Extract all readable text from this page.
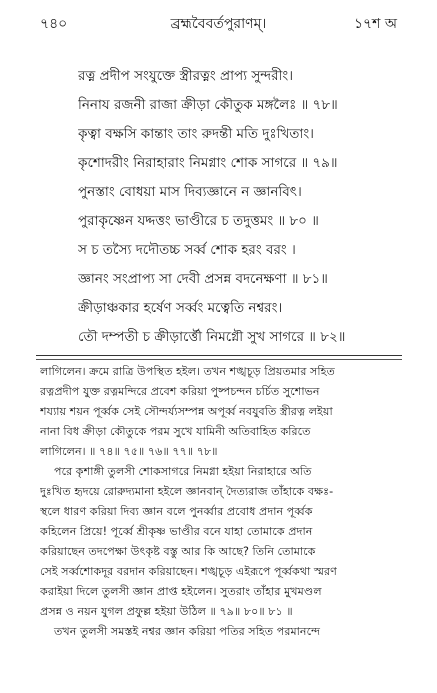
৭৪০	ব্রহ্মবৈবর্তপুরাণম্।	১৭শ অ
রত্ন প্রদীপ সংযুক্তে স্ত্রীরত্নং প্রাপ্য সুন্দরীং।
নিনায রজনী রাজা ক্রীড়া কৌতুক মঙ্গলৈঃ ॥ ৭৮॥
কৃত্বা বক্ষসি কান্তাং তাং রুদন্তী মতি দুঃখিতাং।
কৃশোদরীং নিরাহারাং নিমগ্নাং শোক সাগরে ॥ ৭৯॥
পুনস্তাং বোধয়া মাস দিব্যজ্ঞানে ন জ্ঞানবিৎ।
পুরাকৃষ্ণেন যদ্দত্তং ভাণ্ডীরে চ তদুত্তমং ॥ ৮০ ॥
স চ তস্যৈ দদৌতচ্চ সর্ব্ব শোক হরং বরং ।
জ্ঞানং সংপ্রাপ্য সা দেবী প্রসন্ন বদনেক্ষণা ॥ ৮১॥
ক্রীড়াঞ্চকার হর্ষেণ সর্ব্বং মত্বেতি নশ্বরং।
তৌ দম্পতী চ ক্রীড়ার্ত্তৌ নিমগ্নৌ সুখ সাগরে ॥ ৮২॥
লাগিলেন। ক্রমে রাত্রি উপস্থিত হইল। তখন শঙ্খচূড় প্রিয়তমার সহিত
রত্নপ্রদীপ যুক্ত রত্নমন্দিরে প্রবেশ করিয়া পুষ্পচন্দন চর্চিত সুশোভন
শয্যায় শয়ন পূর্ব্বক সেই সৌন্দর্য্যসম্পন্ন অপূর্ব্ব নবযুবতি স্ত্রীরত্ন লইয়া
নানা বিধ ক্রীড়া কৌতুকে পরম সুখে যামিনী অতিবাহিত করিতে
লাগিলেন। ॥ ৭৪॥ ৭৫॥ ৭৬॥ ৭৭॥ ৭৮॥
পরে কৃশাঙ্গী তুলসী শোকসাগরে নিমগ্না হইয়া নিরাহারে অতি
দুঃখিত হৃদয়ে রোরুদ্যমানা হইলে জ্ঞানবান্ দৈত্যরাজ তাঁহাকে বক্ষঃ-
স্থলে ধারণ করিয়া দিব্য জ্ঞান বলে পুনর্ব্বার প্রবোধ প্রদান পূর্ব্বক
কহিলেন প্রিয়ে! পূর্ব্বে শ্রীকৃষ্ণ ভাণ্ডীর বনে যাহা তোমাকে প্রদান
করিয়াছেন তদপেক্ষা উৎকৃষ্ট বস্তু আর কি আছে? তিনি তোমাকে
সেই সর্ব্বশোকদূর বরদান করিয়াছেন। শঙ্খচূড় এইরূপে পূর্ব্বকথা স্মরণ
করাইয়া দিলে তুলসী জ্ঞান প্রাপ্ত হইলেন। সুতরাং তাঁহার মুখমণ্ডল
প্রসন্ন ও নয়ন যুগল প্রফুল্ল হইয়া উঠিল ॥ ৭৯॥ ৮০॥ ৮১ ॥
তখন তুলসী সমস্তই নশ্বর জ্ঞান করিয়া পতির সহিত পরমানন্দে
